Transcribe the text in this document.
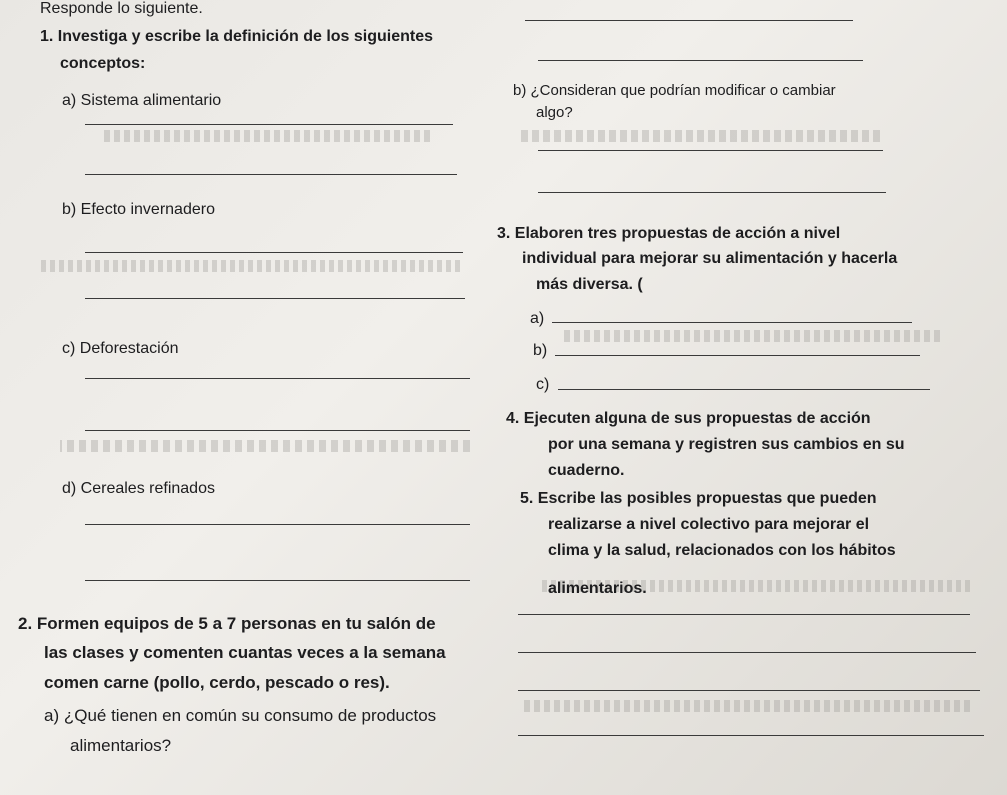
Responde lo siguiente.
1. Investiga y escribe la definición de los siguientes
conceptos:
a) Sistema alimentario
b) Efecto invernadero
c) Deforestación
d) Cereales refinados
2. Formen equipos de 5 a 7 personas en tu salón de
las clases y comenten cuantas veces a la semana
comen carne (pollo, cerdo, pescado o res).
a) ¿Qué tienen en común su consumo de productos
alimentarios?
b) ¿Consideran que podrían modificar o cambiar
algo?
3. Elaboren tres propuestas de acción a nivel
individual para mejorar su alimentación y hacerla
más diversa. (
a)
b)
c)
4. Ejecuten alguna de sus propuestas de acción
por una semana y registren sus cambios en su
cuaderno.
5. Escribe las posibles propuestas que pueden
realizarse a nivel colectivo para mejorar el
clima y la salud, relacionados con los hábitos
alimentarios.
